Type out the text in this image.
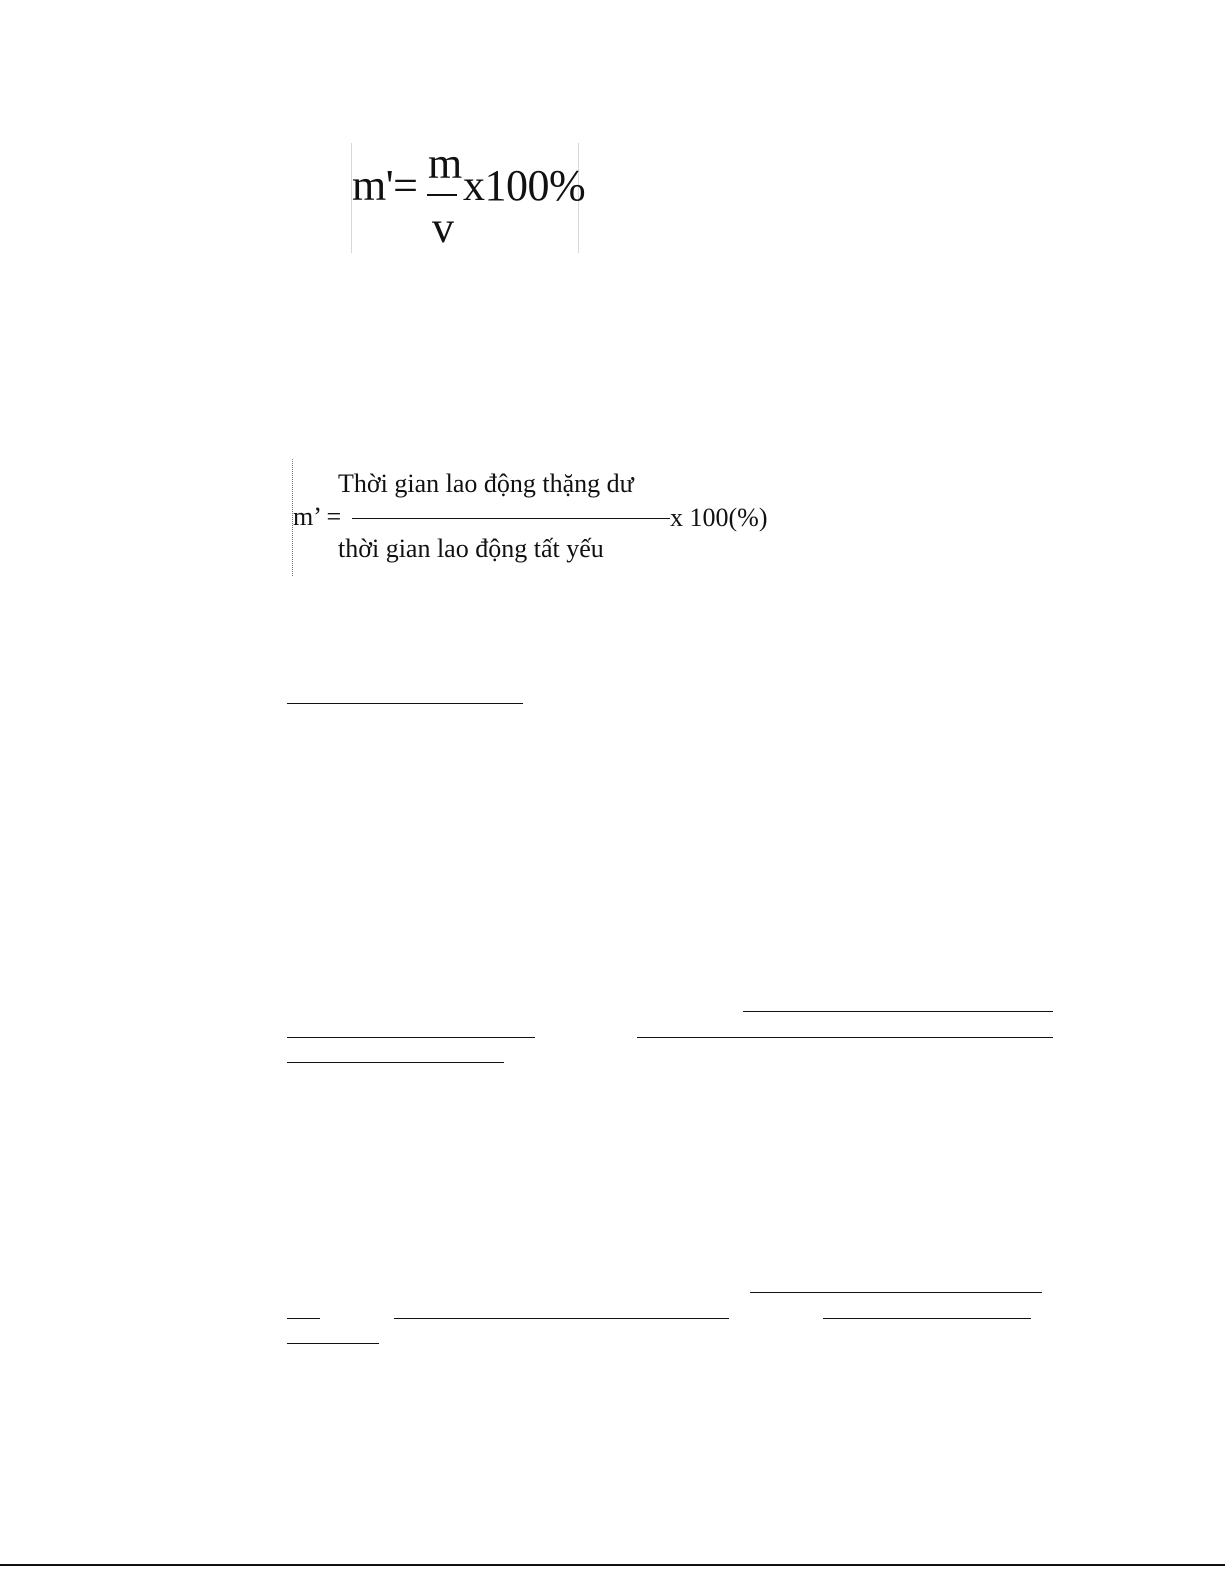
m'= m
v
x100%
m’ =
Thời gian lao động thặng dư
thời gian lao động tất yếu
x 100(%)
